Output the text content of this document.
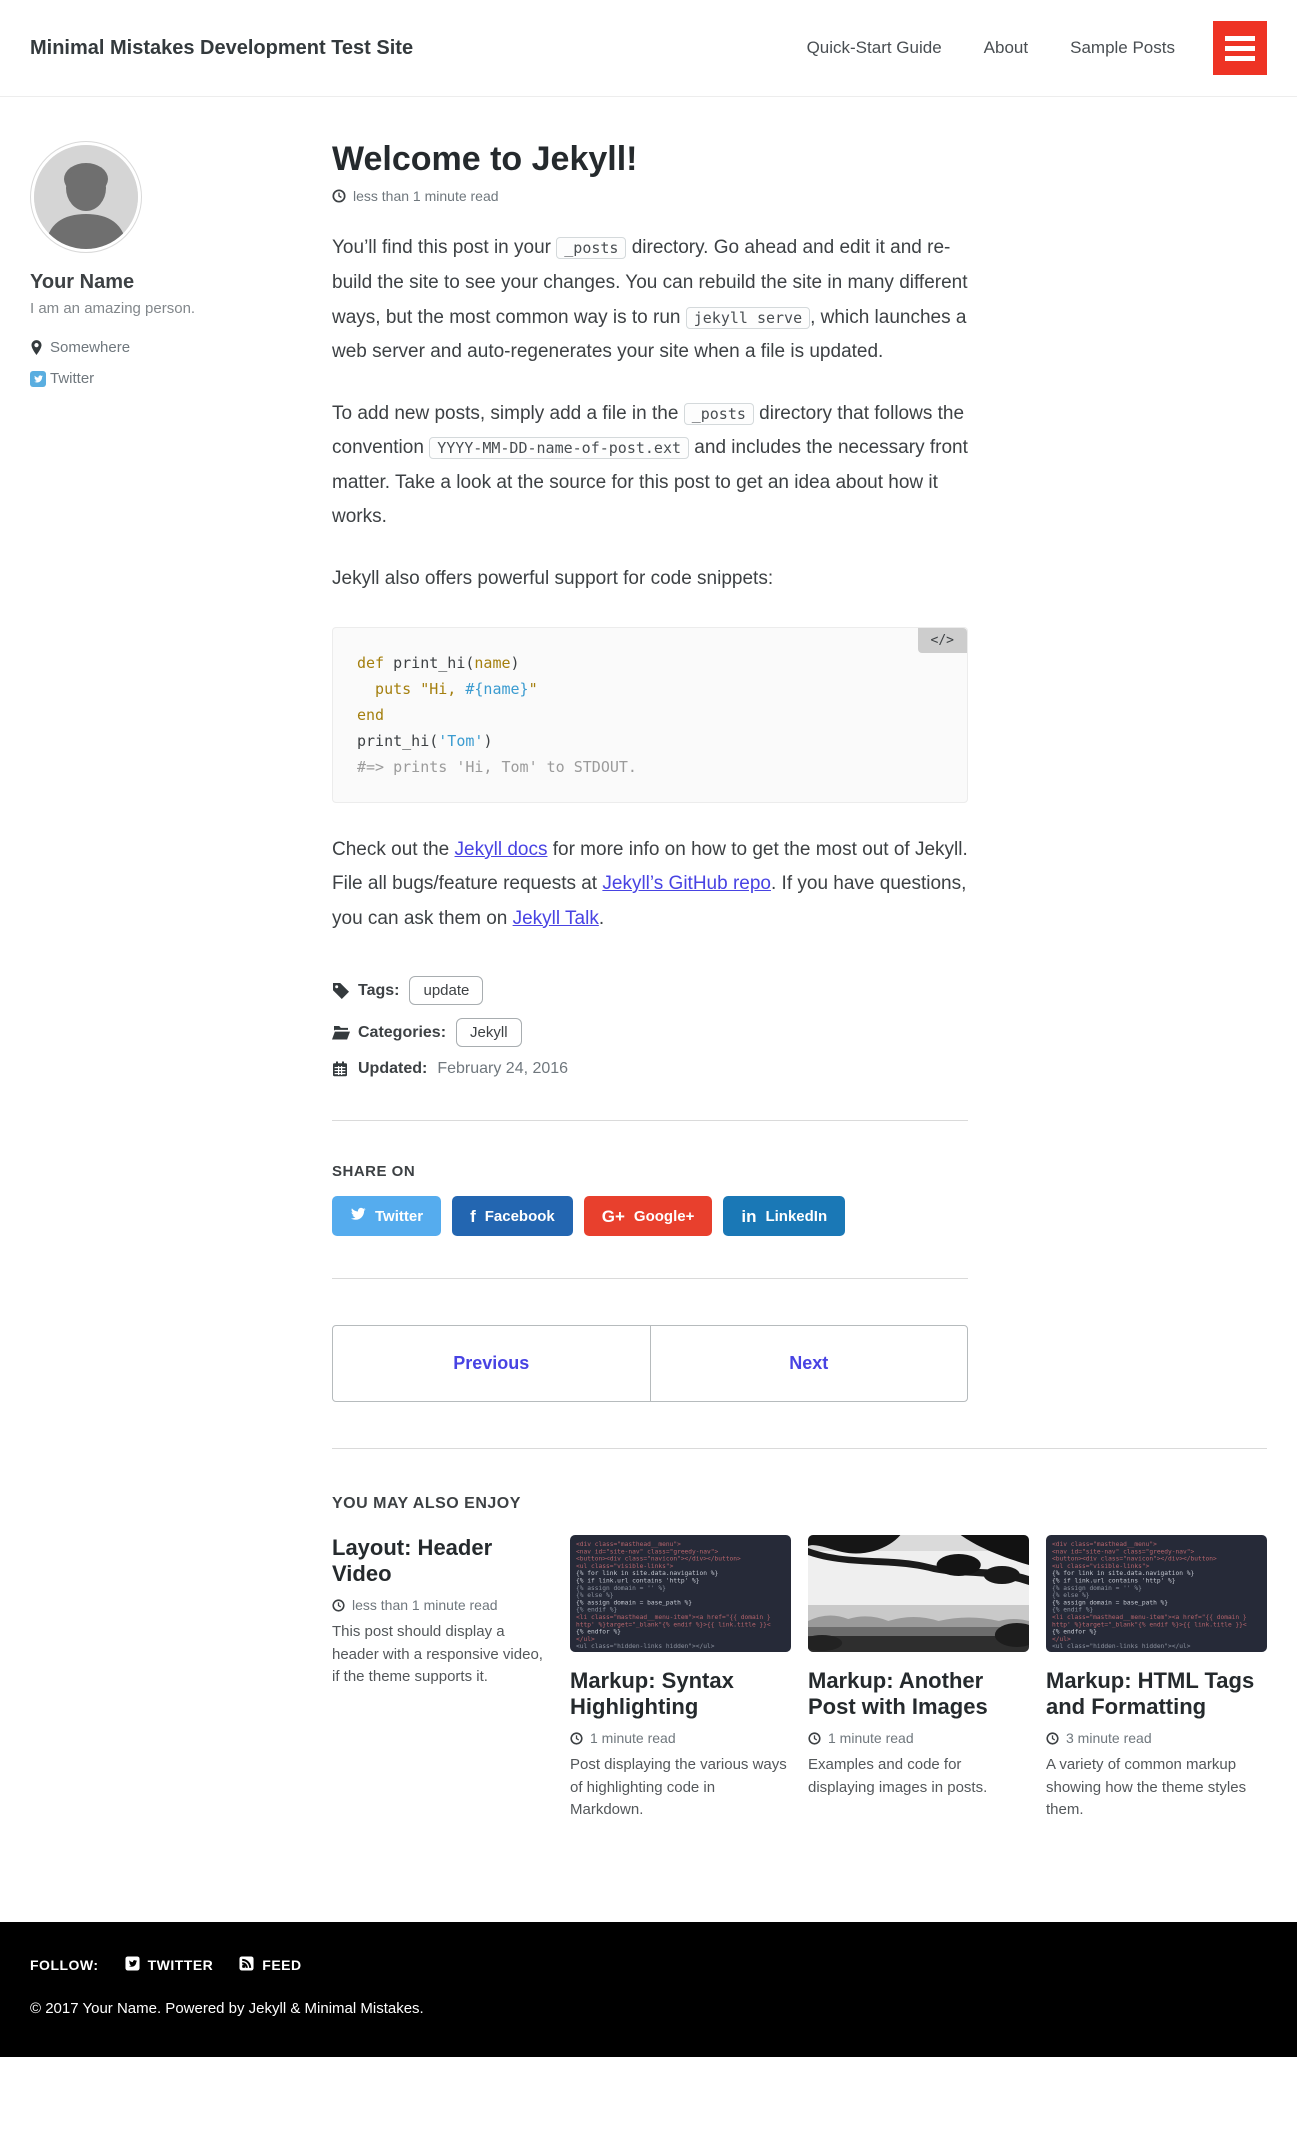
Minimal Mistakes Development Test Site	Quick-Start Guide About Sample Posts
Your Name

I am an amazing person.

Somewhere
Twitter
Welcome to Jekyll!
less than 1 minute read

You’ll find this post in your _posts directory. Go ahead and edit it and re-build the site to see your changes. You can rebuild the site in many different ways, but the most common way is to run jekyll serve , which launches a web server and auto-regenerates your site when a file is updated.

To add new posts, simply add a file in the _posts directory that follows the convention YYYY-MM-DD-name-of-post.ext and includes the necessary front matter. Take a look at the source for this post to get an idea about how it works.

Jekyll also offers powerful support for code snippets:

</>
def print_hi(name)
puts "Hi, #{name}"
end
print_hi('Tom')
#=> prints 'Hi, Tom' to STDOUT.

Check out the Jekyll docs for more info on how to get the most out of Jekyll. File all bugs/feature requests at Jekyll’s GitHub repo. If you have questions, you can ask them on Jekyll Talk.

Tags:	update
Categories:	Jekyll
Updated: February 24, 2016
SHARE ON
Twitter	f Facebook	G+ Google+	in LinkedIn
Previous	Next
YOU MAY ALSO ENJOY
Layout: Header Video

less than 1 minute read

This post should display a header with a responsive video, if the theme supports it.

<div class="masthead__menu">
<nav id="site-nav" class="greedy-nav">
<button><div class="navicon"></div></button>
<ul class="visible-links">
{% for link in site.data.navigation %}
{% if link.url contains 'http' %}
{% assign domain = '' %}
{% else %}
{% assign domain = base_path %}
{% endif %}
<li class="masthead__menu-item"><a href="{{ domain }
http' %}target="_blank"{% endif %}>{{ link.title }}<
{% endfor %}
</ul>
<ul class="hidden-links hidden"></ul>
Markup: Syntax Highlighting

1 minute read

Post displaying the various ways of highlighting code in Markdown.

Markup: Another Post with Images

1 minute read

Examples and code for displaying images in posts.

<div class="masthead__menu">
<nav id="site-nav" class="greedy-nav">
<button><div class="navicon"></div></button>
<ul class="visible-links">
{% for link in site.data.navigation %}
{% if link.url contains 'http' %}
{% assign domain = '' %}
{% else %}
{% assign domain = base_path %}
{% endif %}
<li class="masthead__menu-item"><a href="{{ domain }
http' %}target="_blank"{% endif %}>{{ link.title }}<
{% endfor %}
</ul>
<ul class="hidden-links hidden"></ul>
Markup: HTML Tags and Formatting

3 minute read

A variety of common markup showing how the theme styles them.

FOLLOW:	TWITTER	FEED
© 2017 Your Name. Powered by Jekyll & Minimal Mistakes.
